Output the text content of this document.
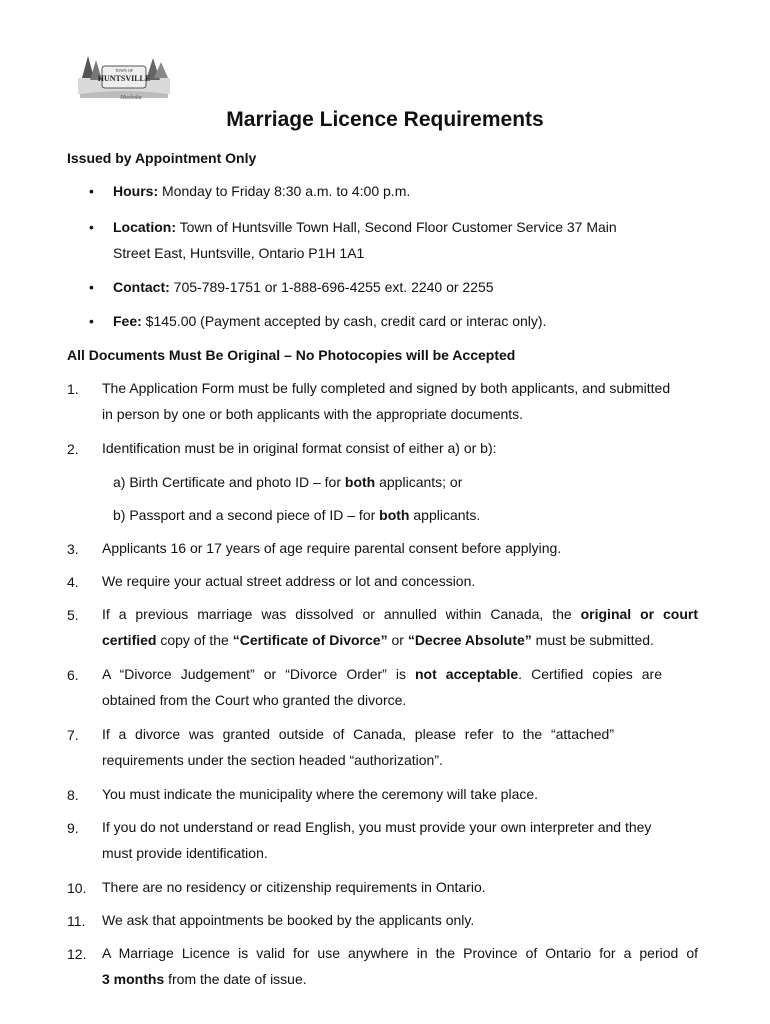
TOWN OF
HUNTSVILLE
Muskoka
Marriage Licence Requirements
Issued by Appointment Only
• Hours: Monday to Friday 8:30 a.m. to 4:00 p.m.
• Location: Town of Huntsville Town Hall, Second Floor Customer Service 37 Main
Street East, Huntsville, Ontario P1H 1A1
• Contact: 705-789-1751 or 1-888-696-4255 ext. 2240 or 2255
• Fee: $145.00 (Payment accepted by cash, credit card or interac only).
All Documents Must Be Original – No Photocopies will be Accepted
1. The Application Form must be fully completed and signed by both applicants, and submitted
in person by one or both applicants with the appropriate documents.
2. Identification must be in original format consist of either a) or b):
a) Birth Certificate and photo ID – for both applicants; or
b) Passport and a second piece of ID – for both applicants.
3. Applicants 16 or 17 years of age require parental consent before applying.
4. We require your actual street address or lot and concession.
5. If a previous marriage was dissolved or annulled within Canada, the original or court
certified copy of the “Certificate of Divorce” or “Decree Absolute” must be submitted.
6. A “Divorce Judgement” or “Divorce Order” is not acceptable. Certified copies are
obtained from the Court who granted the divorce.
7. If a divorce was granted outside of Canada, please refer to the “attached”
requirements under the section headed “authorization”.
8. You must indicate the municipality where the ceremony will take place.
9. If you do not understand or read English, you must provide your own interpreter and they
must provide identification.
10. There are no residency or citizenship requirements in Ontario.
11. We ask that appointments be booked by the applicants only.
12. A Marriage Licence is valid for use anywhere in the Province of Ontario for a period of
3 months from the date of issue.
